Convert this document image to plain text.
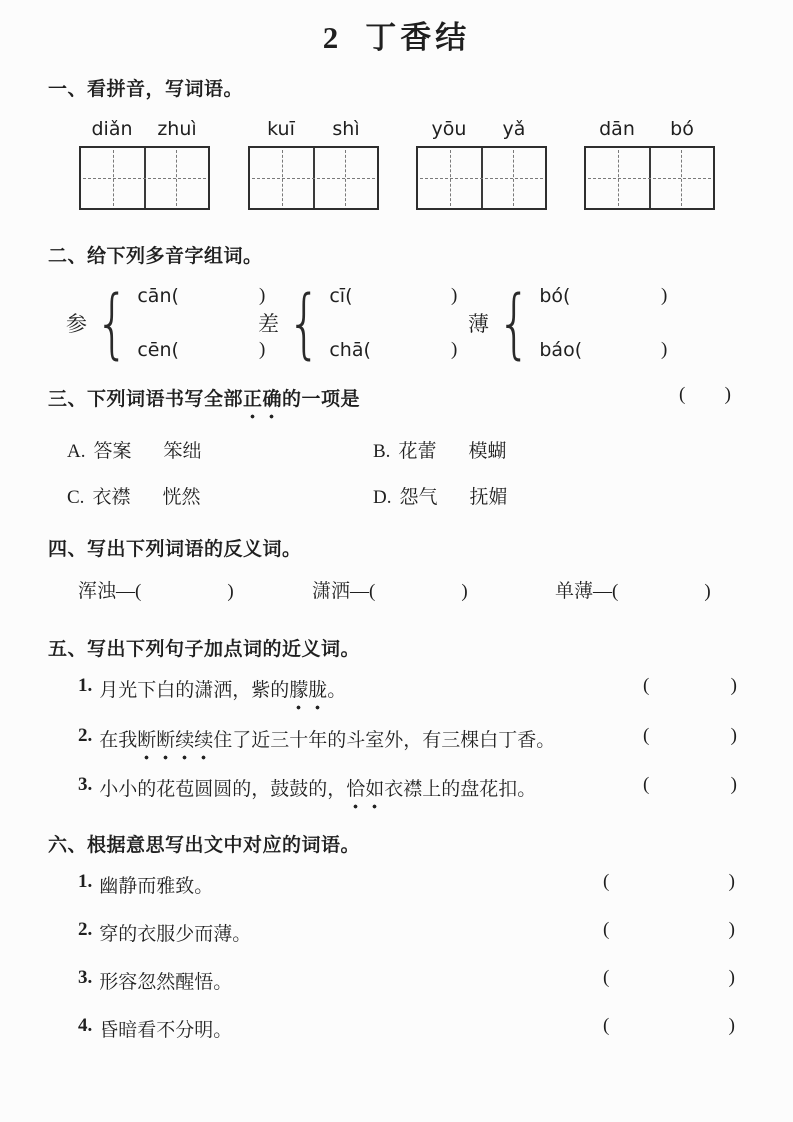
2 丁香结
一、看拼音，写词语。
diǎn zhuì	kuī shì	yōu yǎ	dān bó
二、给下列多音字组词。
参 { cān(	)
cēn(	)
差 { cī(	)
chā(	)
薄 { bó(	)
báo(	)
三、下列词语书写全部正确的一项是	( )
A. 答案 笨绌	B. 花蕾 模蝴
C. 衣襟 恍然	D. 怨气 抚媚
四、写出下列词语的反义词。
浑浊—(	)	潇洒—(	)	单薄—(	)
五、写出下列句子加点词的近义词。
1. 月光下白的潇洒，紫的朦胧。	(	)
2. 在我断断续续住了近三十年的斗室外，有三棵白丁香。	(	)
3. 小小的花苞圆圆的，鼓鼓的，恰如衣襟上的盘花扣。	(	)
六、根据意思写出文中对应的词语。
1. 幽静而雅致。	(	)
2. 穿的衣服少而薄。	(	)
3. 形容忽然醒悟。	(	)
4. 昏暗看不分明。	(	)
